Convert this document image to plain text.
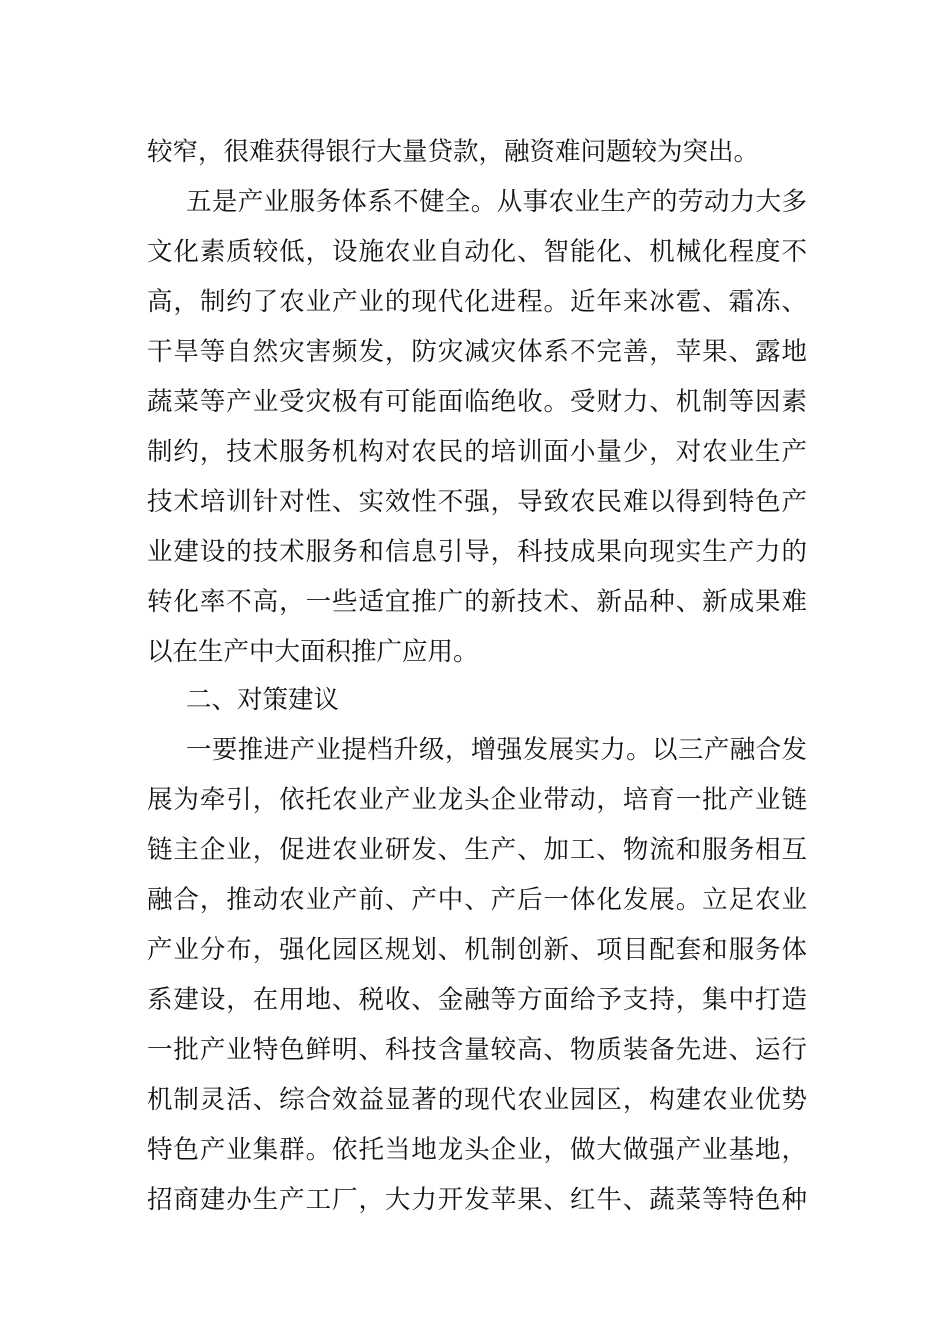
较窄，很难获得银行大量贷款，融资难问题较为突出。
五是产业服务体系不健全。从事农业生产的劳动力大多
文化素质较低，设施农业自动化、智能化、机械化程度不
高，制约了农业产业的现代化进程。近年来冰雹、霜冻、
干旱等自然灾害频发，防灾减灾体系不完善，苹果、露地
蔬菜等产业受灾极有可能面临绝收。受财力、机制等因素
制约，技术服务机构对农民的培训面小量少，对农业生产
技术培训针对性、实效性不强，导致农民难以得到特色产
业建设的技术服务和信息引导，科技成果向现实生产力的
转化率不高，一些适宜推广的新技术、新品种、新成果难
以在生产中大面积推广应用。
二、对策建议
一要推进产业提档升级，增强发展实力。以三产融合发
展为牵引，依托农业产业龙头企业带动，培育一批产业链
链主企业，促进农业研发、生产、加工、物流和服务相互
融合，推动农业产前、产中、产后一体化发展。立足农业
产业分布，强化园区规划、机制创新、项目配套和服务体
系建设，在用地、税收、金融等方面给予支持，集中打造
一批产业特色鲜明、科技含量较高、物质装备先进、运行
机制灵活、综合效益显著的现代农业园区，构建农业优势
特色产业集群。依托当地龙头企业，做大做强产业基地，
招商建办生产工厂，大力开发苹果、红牛、蔬菜等特色种
